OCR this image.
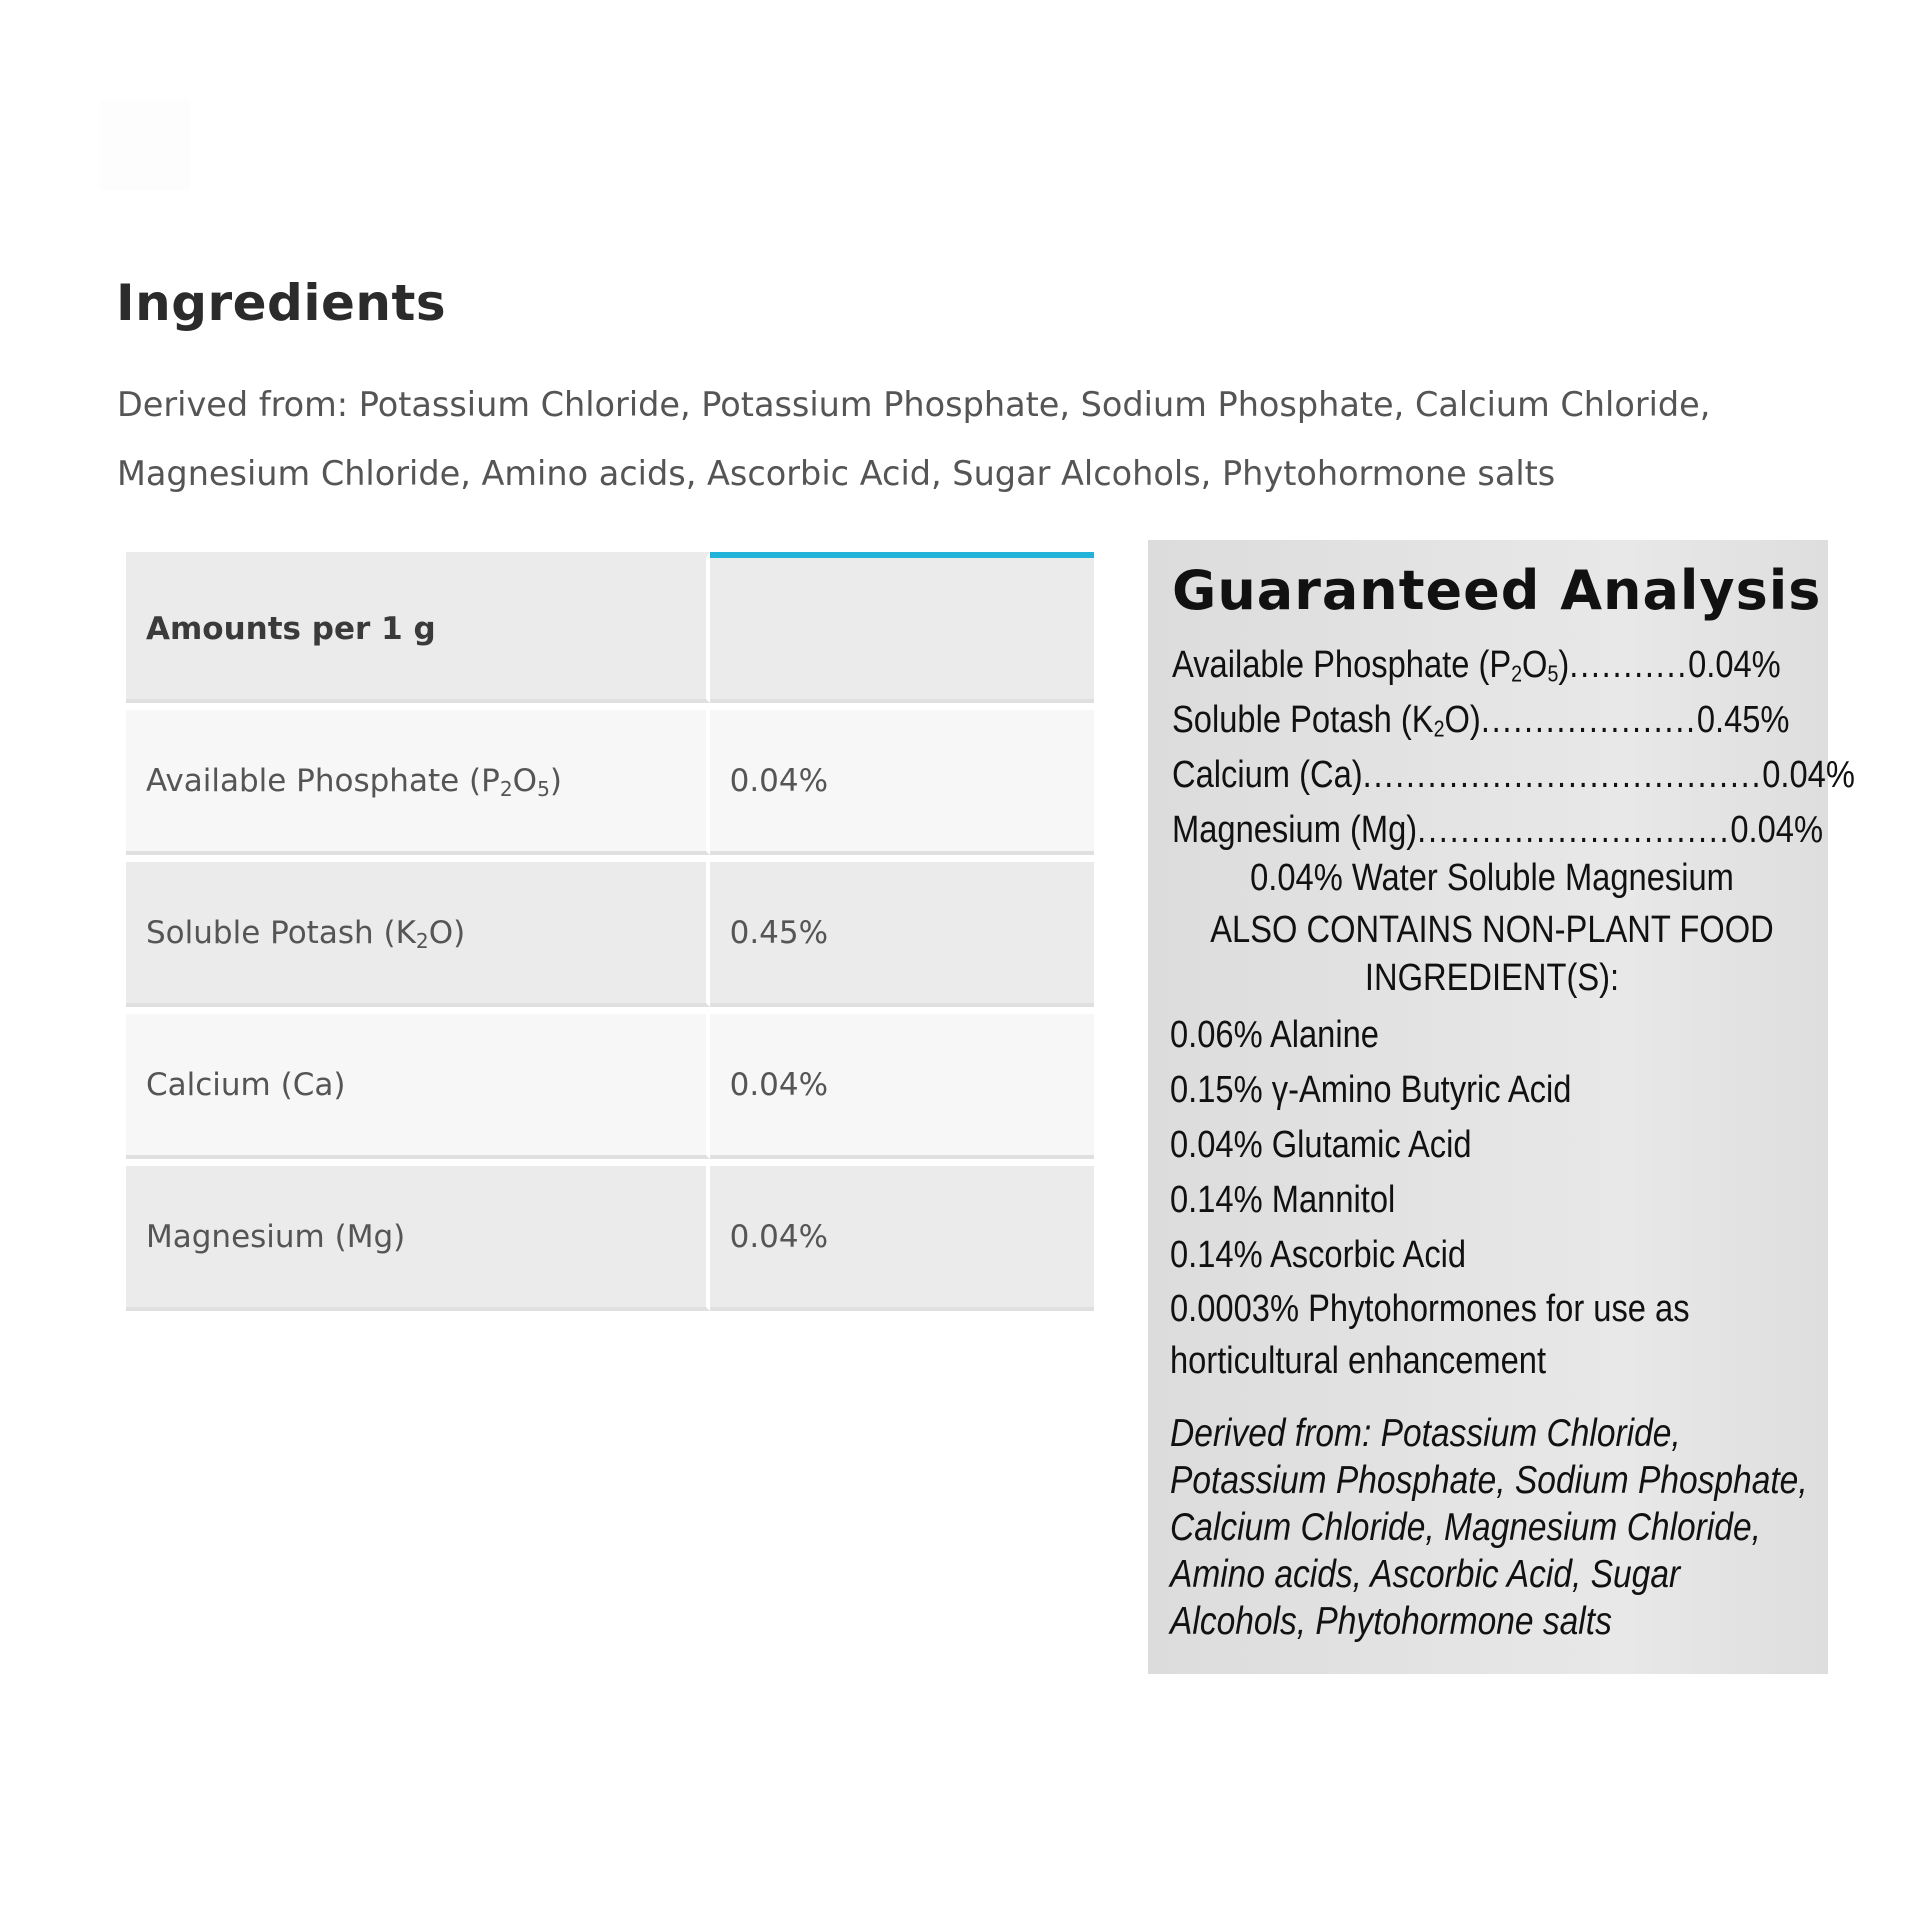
Ingredients

Derived from: Potassium Chloride, Potassium Phosphate, Sodium Phosphate, Calcium Chloride, Magnesium Chloride, Amino acids, Ascorbic Acid, Sugar Alcohols, Phytohormone salts

Amounts per 1 g	
Available Phosphate $(P_2O_5)$	0.04%
Soluble Potash $(K_2O)$	0.45%
Calcium (Ca)	0.04%
Magnesium (Mg)	0.04%
Guaranteed Analysis
Available Phosphate $(P_2O_5)$ ........... 0.04%
Soluble Potash $(K_2O)$ .................... 0.45%
Calcium (Ca) ..................................... 0.04%
Magnesium (Mg) ............................. 0.04%
0.04% Water Soluble Magnesium
ALSO CONTAINS NON-PLANT FOOD INGREDIENT(S):
0.06% Alanine
0.15% γ-Amino Butyric Acid
0.04% Glutamic Acid
0.14% Mannitol
0.14% Ascorbic Acid
0.0003% Phytohormones for use as
horticultural enhancement

Derived from: Potassium Chloride, Potassium Phosphate, Sodium Phosphate, Calcium Chloride, Magnesium Chloride, Amino acids, Ascorbic Acid, Sugar Alcohols, Phytohormone salts
